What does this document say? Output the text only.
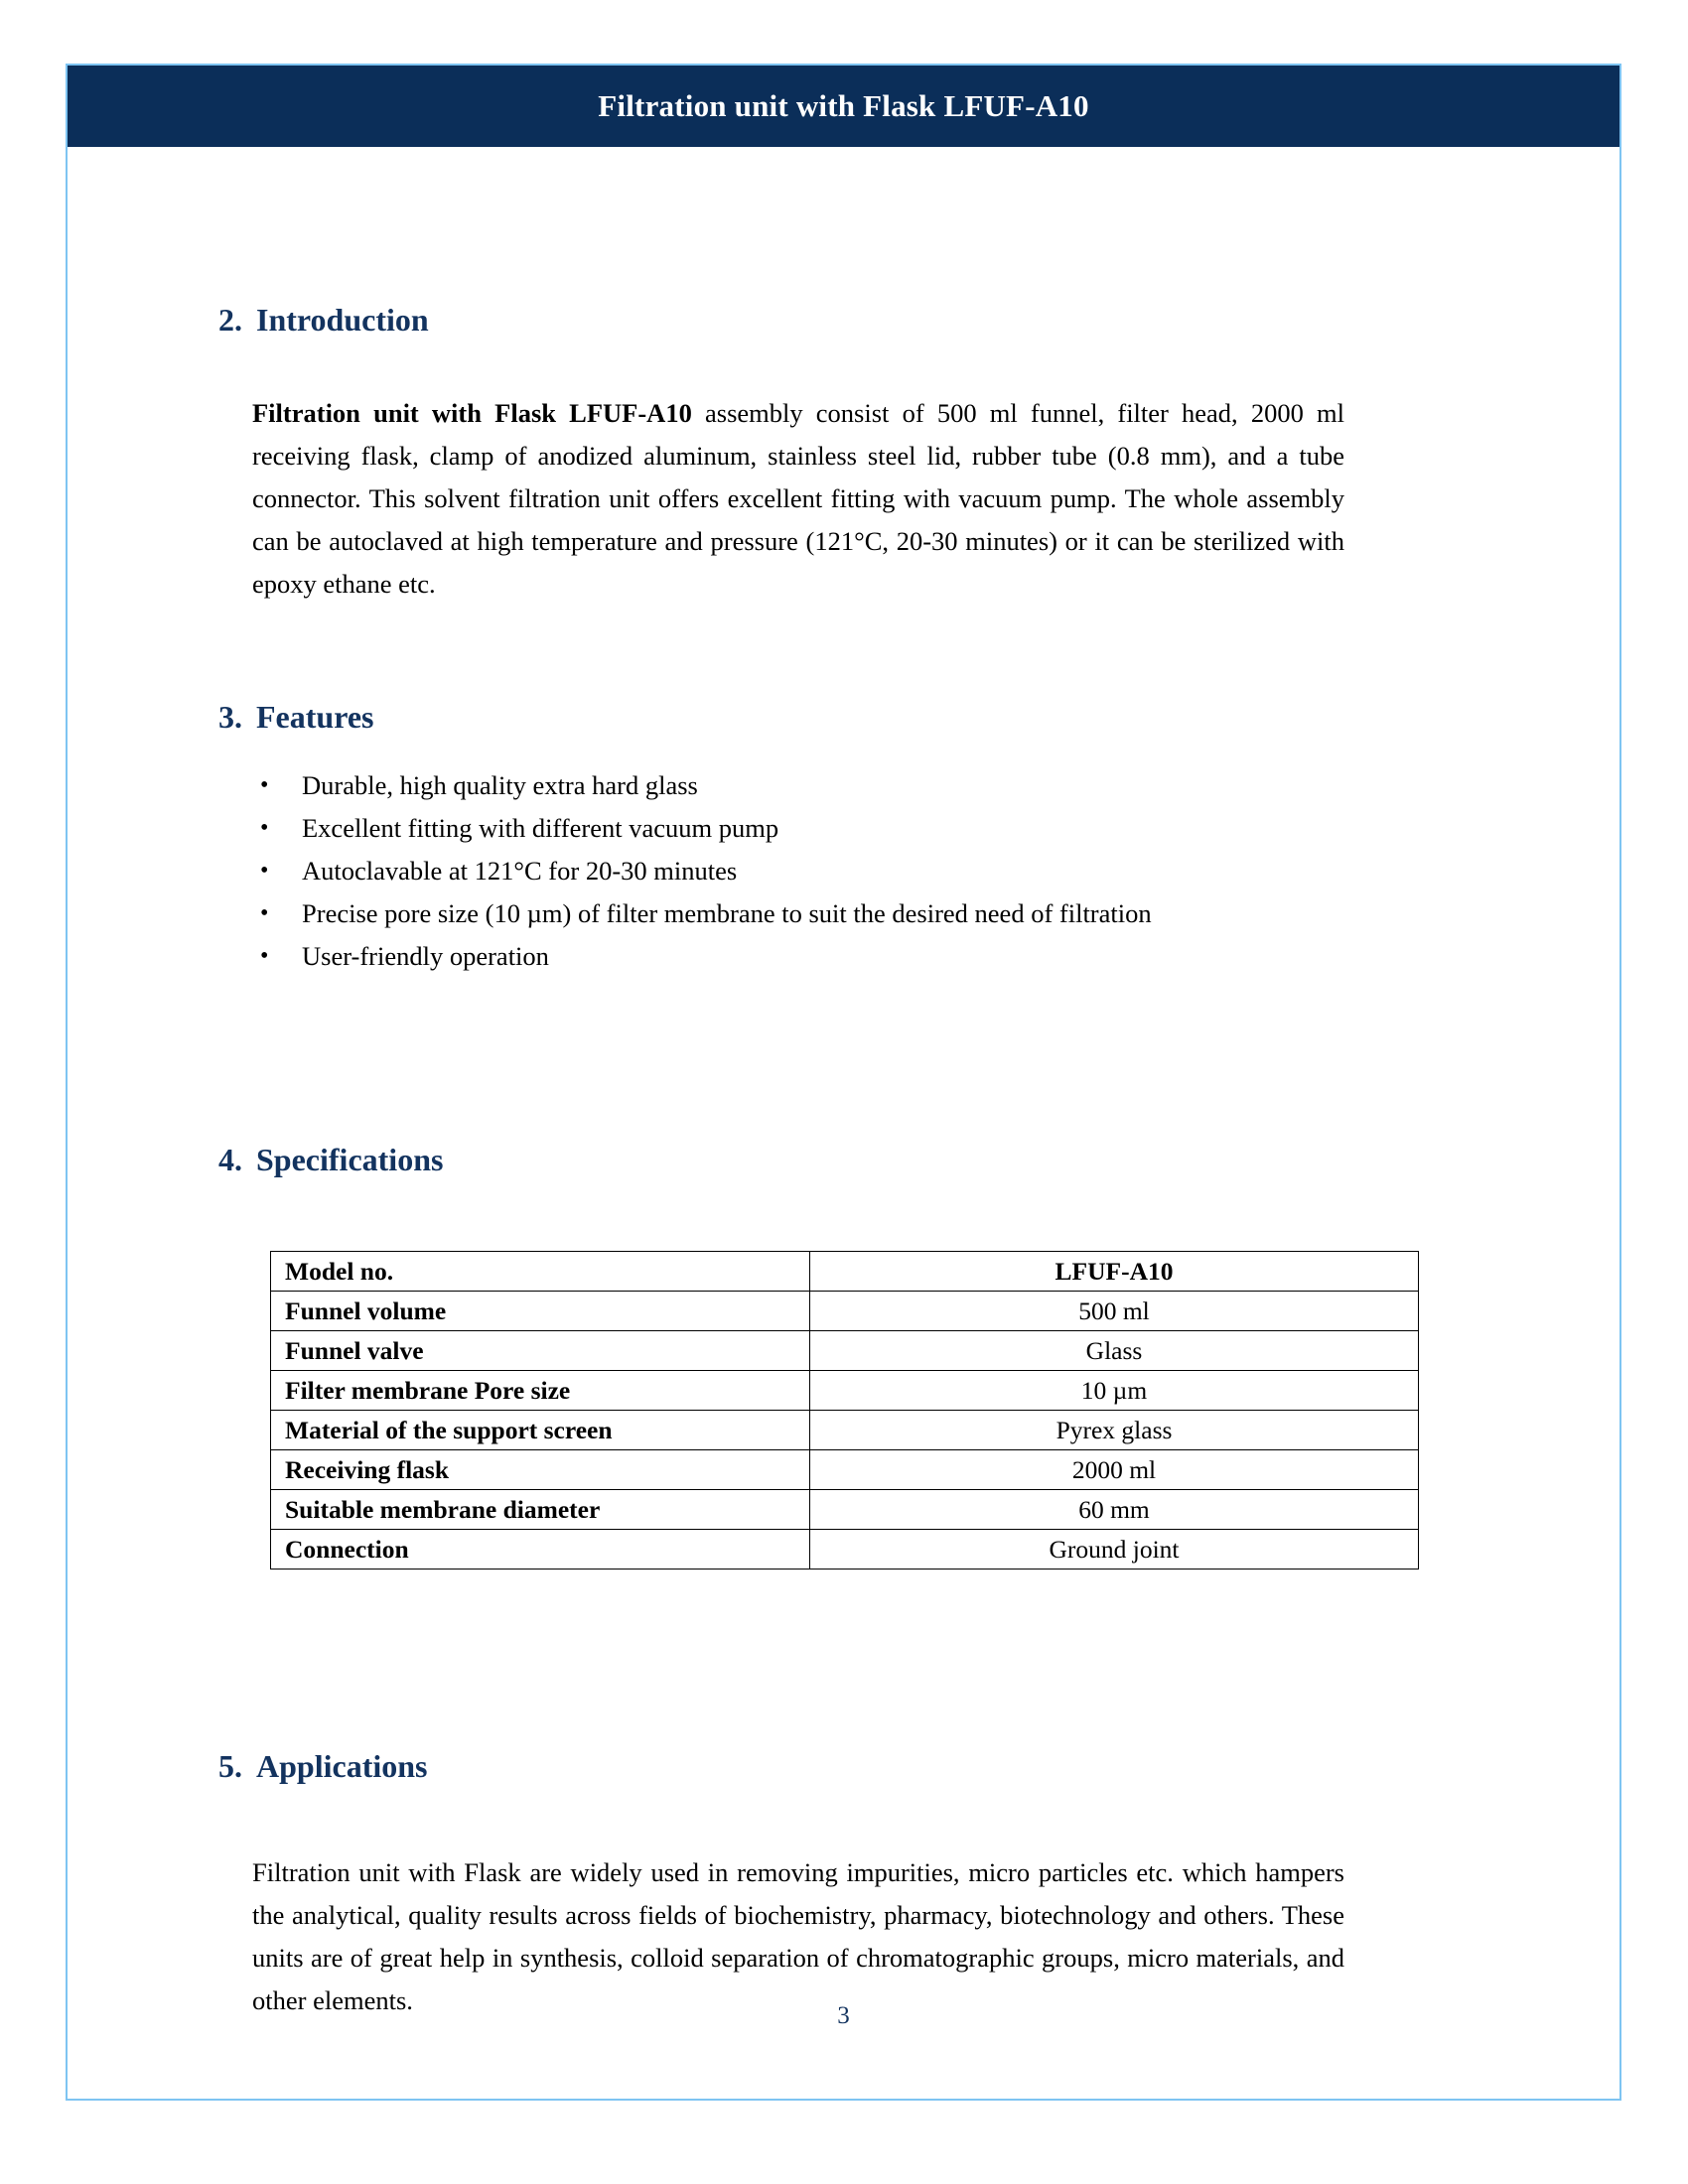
Filtration unit with Flask LFUF-A10
2. Introduction

Filtration unit with Flask LFUF-A10 assembly consist of 500 ml funnel, filter head, 2000 ml receiving flask, clamp of anodized aluminum, stainless steel lid, rubber tube (0.8 mm), and a tube connector. This solvent filtration unit offers excellent fitting with vacuum pump. The whole assembly can be autoclaved at high temperature and pressure (121°C, 20-30 minutes) or it can be sterilized with epoxy ethane etc.

3. Features
• Durable, high quality extra hard glass
• Excellent fitting with different vacuum pump
• Autoclavable at 121°C for 20-30 minutes
• Precise pore size (10 µm) of filter membrane to suit the desired need of filtration
• User-friendly operation
4. Specifications
Model no.	LFUF-A10
Funnel volume	500 ml
Funnel valve	Glass
Filter membrane Pore size	10 µm
Material of the support screen	Pyrex glass
Receiving flask	2000 ml
Suitable membrane diameter	60 mm
Connection	Ground joint
5. Applications

Filtration unit with Flask are widely used in removing impurities, micro particles etc. which hampers the analytical, quality results across fields of biochemistry, pharmacy, biotechnology and others. These units are of great help in synthesis, colloid separation of chromatographic groups, micro materials, and other elements.

3
